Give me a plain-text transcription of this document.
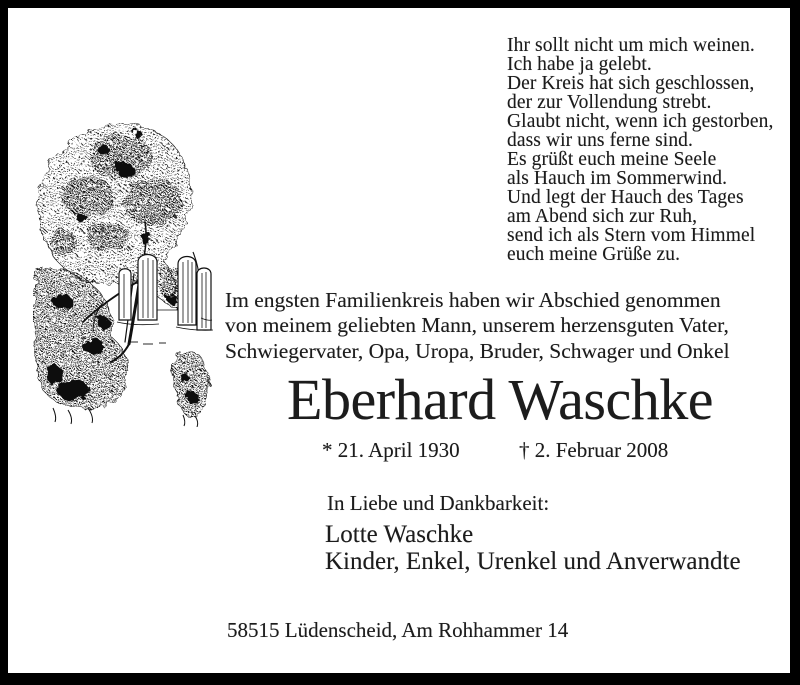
Ihr sollt nicht um mich weinen.
Ich habe ja gelebt.
Der Kreis hat sich geschlossen,
der zur Vollendung strebt.
Glaubt nicht, wenn ich gestorben,
dass wir uns ferne sind.
Es grüßt euch meine Seele
als Hauch im Sommerwind.
Und legt der Hauch des Tages
am Abend sich zur Ruh,
send ich als Stern vom Himmel
euch meine Grüße zu.
Im engsten Familienkreis haben wir Abschied genommen
von meinem geliebten Mann, unserem herzensguten Vater,
Schwiegervater, Opa, Uropa, Bruder, Schwager und Onkel
Eberhard Waschke
* 21. April 1930	† 2. Februar 2008
In Liebe und Dankbarkeit:
Lotte Waschke
Kinder, Enkel, Urenkel und Anverwandte
58515 Lüdenscheid, Am Rohhammer 14
